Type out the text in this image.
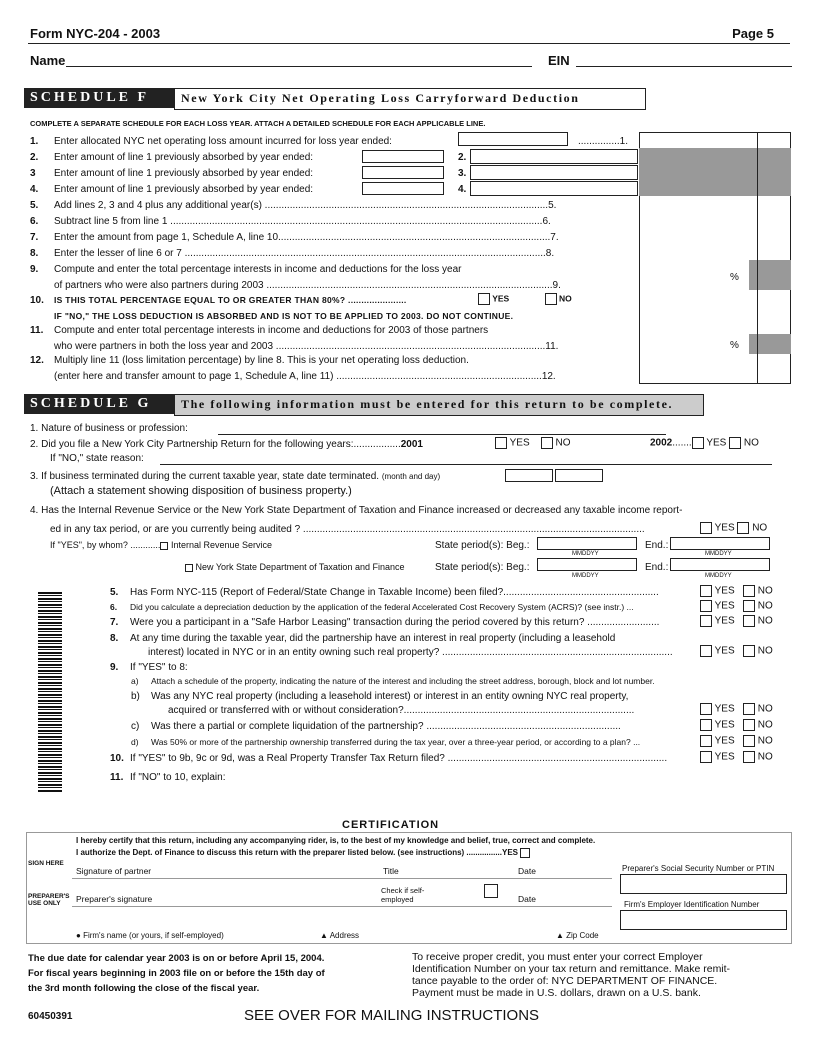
Form NYC-204 - 2003	Page 5
Name	EIN
SCHEDULE F	New York City Net Operating Loss Carryforward Deduction
COMPLETE A SEPARATE SCHEDULE FOR EACH LOSS YEAR. ATTACH A DETAILED SCHEDULE FOR EACH APPLICABLE LINE.
1. Enter allocated NYC net operating loss amount incurred for loss year ended:	...............1.
2. Enter amount of line 1 previously absorbed by year ended:	2.
3 Enter amount of line 1 previously absorbed by year ended:	3.
4. Enter amount of line 1 previously absorbed by year ended:	4.
5. Add lines 2, 3 and 4 plus any additional year(s) ......................................................................................................5.
6. Subtract line 5 from line 1 ......................................................................................................................................6.
7. Enter the amount from page 1, Schedule A, line 10..................................................................................................7.
8. Enter the lesser of line 6 or 7 ..................................................................................................................................8.
9. Compute and enter the total percentage interests in income and deductions for the loss year
of partners who were also partners during 2003 .......................................................................................................9.
10. IS THIS TOTAL PERCENTAGE EQUAL TO OR GREATER THAN 80%? ......................	YES	NO
IF "NO," THE LOSS DEDUCTION IS ABSORBED AND IS NOT TO BE APPLIED TO 2003. DO NOT CONTINUE.
11. Compute and enter total percentage interests in income and deductions for 2003 of those partners
who were partners in both the loss year and 2003 .................................................................................................11.
12. Multiply line 11 (loss limitation percentage) by line 8. This is your net operating loss deduction.
(enter here and transfer amount to page 1, Schedule A, line 11) ..........................................................................12.
%
%
SCHEDULE G	The following information must be entered for this return to be complete.
1. Nature of business or profession:
2. Did you file a New York City Partnership Return for the following years:.................2001	YES	NO	2002....... YES NO
If "NO," state reason:
3. If business terminated during the current taxable year, state date terminated. (month and day)
(Attach a statement showing disposition of business property.)
4. Has the Internal Revenue Service or the New York State Department of Taxation and Finance increased or decreased any taxable income report-
ed in any tax period, or are you currently being audited ? ...........................................................................................................................	YES NO
If "YES", by whom? ............ Internal Revenue Service	State period(s): Beg.:
MMDDYY
End.:
MMDDYY
New York State Department of Taxation and Finance	State period(s): Beg.:
MMDDYY
End.:
MMDDYY
5. Has Form NYC-115 (Report of Federal/State Change in Taxable Income) been filed?........................................................	YES NO
6. Did you calculate a depreciation deduction by the application of the federal Accelerated Cost Recovery System (ACRS)? (see instr.) ...	YES NO
7. Were you a participant in a "Safe Harbor Leasing" transaction during the period covered by this return? ..........................	YES NO
8. At any time during the taxable year, did the partnership have an interest in real property (including a leasehold
interest) located in NYC or in an entity owning such real property? ...................................................................................	YES NO
9. If "YES" to 8:
a) Attach a schedule of the property, indicating the nature of the interest and including the street address, borough, block and lot number.
b) Was any NYC real property (including a leasehold interest) or interest in an entity owning NYC real property,
acquired or transferred with or without consideration?...................................................................................	YES NO
c) Was there a partial or complete liquidation of the partnership? ......................................................................	YES NO
d) Was 50% or more of the partnership ownership transferred during the tax year, over a three-year period, or according to a plan? ...	YES NO
10. If "YES" to 9b, 9c or 9d, was a Real Property Transfer Tax Return filed? ...............................................................................	YES NO
11. If "NO" to 10, explain:
CERTIFICATION
I hereby certify that this return, including any accompanying rider, is, to the best of my knowledge and belief, true, correct and complete.
I authorize the Dept. of Finance to discuss this return with the preparer listed below. (see instructions) ................YES
SIGN HERE
Signature of partner	Title	Date	Preparer's Social Security Number or PTIN
PREPARER'S USE ONLY	Preparer's signature
Check if self-employed	Date
Firm's Employer Identification Number
● Firm's name (or yours, if self-employed)	▲ Address	▲ Zip Code
The due date for calendar year 2003 is on or before April 15, 2004.
For fiscal years beginning in 2003 file on or before the 15th day of
the 3rd month following the close of the fiscal year.
To receive proper credit, you must enter your correct Employer
Identification Number on your tax return and remittance. Make remit-
tance payable to the order of: NYC DEPARTMENT OF FINANCE.
Payment must be made in U.S. dollars, drawn on a U.S. bank.
60450391	SEE OVER FOR MAILING INSTRUCTIONS
